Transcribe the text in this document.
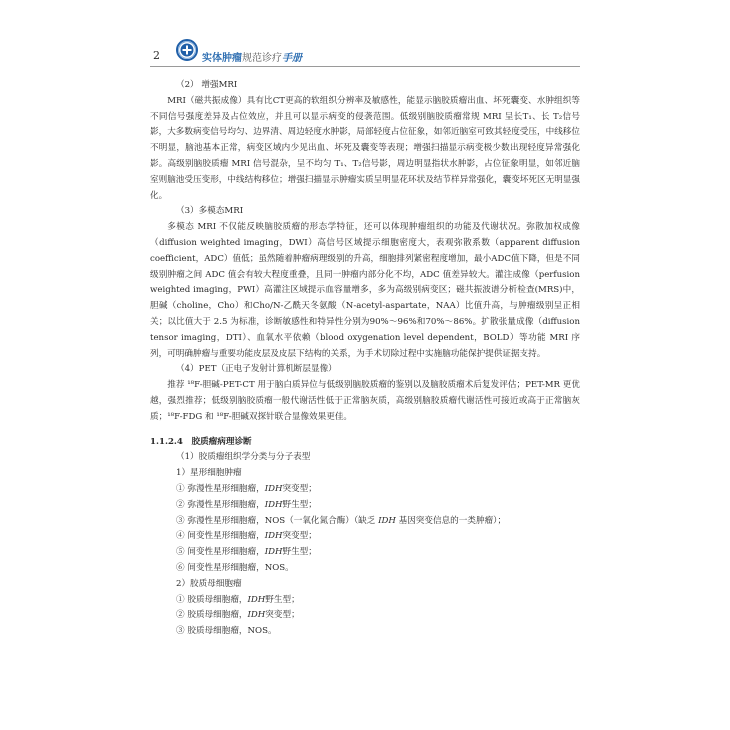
2	实体肿瘤规范诊疗手册

（2） 增强MRI

MRI（磁共振成像）具有比CT更高的软组织分辨率及敏感性，能显示脑胶质瘤出血、坏死囊变、水肿组织等不同信号强度差异及占位效应，并且可以显示病变的侵袭范围。低级别脑胶质瘤常规 MRI 呈长T₁、长 T₂信号影，大多数病变信号均匀、边界清、周边轻度水肿影，局部轻度占位征象，如邻近脑室可致其轻度受压，中线移位不明显，脑池基本正常，病变区域内少见出血、坏死及囊变等表现；增强扫描显示病变极少数出现轻度异常强化影。高级别脑胶质瘤 MRI 信号混杂，呈不均匀 T₁、T₂信号影，周边明显指状水肿影，占位征象明显，如邻近脑室则脑池受压变形，中线结构移位；增强扫描显示肿瘤实质呈明显花环状及结节样异常强化，囊变坏死区无明显强化。

（3）多模态MRI

多模态 MRI 不仅能反映脑胶质瘤的形态学特征，还可以体现肿瘤组织的功能及代谢状况。弥散加权成像（diffusion weighted imaging，DWI）高信号区域提示细胞密度大，表观弥散系数（apparent diffusion coefficient，ADC）值低；虽然随着肿瘤病理级别的升高，细胞排列紧密程度增加，最小ADC值下降，但是不同级别肿瘤之间 ADC 值会有较大程度重叠，且同一肿瘤内部分化不均，ADC 值差异较大。灌注成像（perfusion weighted imaging，PWI）高灌注区域提示血容量增多，多为高级别病变区；磁共振波谱分析检查(MRS)中，胆碱（choline，Cho）和Cho/N-乙酰天冬氨酸（N-acetyl-aspartate，NAA）比值升高，与肿瘤级别呈正相关；以比值大于 2.5 为标准，诊断敏感性和特异性分别为90%～96%和70%～86%。扩散张量成像（diffusion tensor imaging，DTI）、血氧水平依赖（blood oxygenation level dependent，BOLD）等功能 MRI 序列，可明确肿瘤与重要功能皮层及皮层下结构的关系，为手术切除过程中实施脑功能保护提供证据支持。

（4）PET（正电子发射计算机断层显像）

推荐 ¹⁸F-胆碱-PET-CT 用于脑白质异位与低级别脑胶质瘤的鉴别以及脑胶质瘤术后复发评估；PET-MR 更优越，强烈推荐；低级别脑胶质瘤一般代谢活性低于正常脑灰质，高级别脑胶质瘤代谢活性可接近或高于正常脑灰质；¹⁸F-FDG 和 ¹⁸F-胆碱双探针联合显像效果更佳。

1.1.2.4　胶质瘤病理诊断

（1）胶质瘤组织学分类与分子表型

1）星形细胞肿瘤

① 弥漫性星形细胞瘤，IDH突变型；

② 弥漫性星形细胞瘤，IDH野生型；

③ 弥漫性星形细胞瘤，NOS（一氧化氮合酶）（缺乏 IDH 基因突变信息的一类肿瘤）；

④ 间变性星形细胞瘤，IDH突变型；

⑤ 间变性星形细胞瘤，IDH野生型；

⑥ 间变性星形细胞瘤，NOS。

2）胶质母细胞瘤

① 胶质母细胞瘤，IDH野生型；

② 胶质母细胞瘤，IDH突变型；

③ 胶质母细胞瘤，NOS。
